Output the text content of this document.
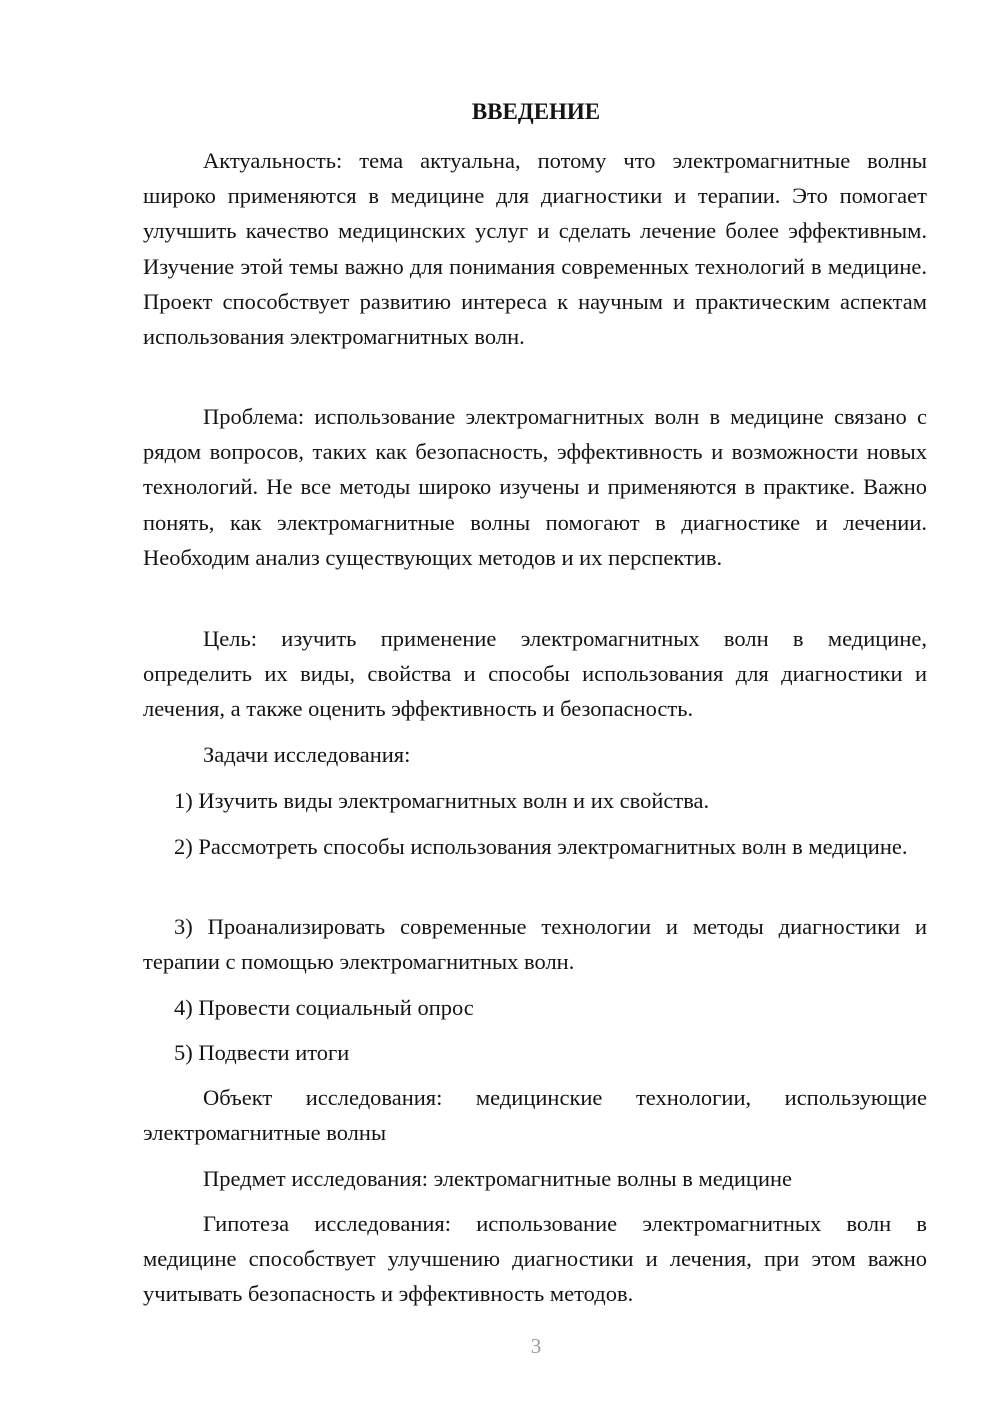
ВВЕДЕНИЕ

Актуальность: тема актуальна, потому что электромагнитные волны широко применяются в медицине для диагностики и терапии. Это помогает улучшить качество медицинских услуг и сделать лечение более эффективным. Изучение этой темы важно для понимания современных технологий в медицине. Проект способствует развитию интереса к научным и практическим аспектам использования электромагнитных волн.

Проблема: использование электромагнитных волн в медицине связано с рядом вопросов, таких как безопасность, эффективность и возможности новых технологий. Не все методы широко изучены и применяются в практике. Важно понять, как электромагнитные волны помогают в диагностике и лечении. Необходим анализ существующих методов и их перспектив.

Цель: изучить применение электромагнитных волн в медицине, определить их виды, свойства и способы использования для диагностики и лечения, а также оценить эффективность и безопасность.

Задачи исследования:

1) Изучить виды электромагнитных волн и их свойства.

2) Рассмотреть способы использования электромагнитных волн в медицине.

3) Проанализировать современные технологии и методы диагностики и терапии с помощью электромагнитных волн.

4) Провести социальный опрос

5) Подвести итоги

Объект исследования: медицинские технологии, использующие электромагнитные волны

Предмет исследования: электромагнитные волны в медицине

Гипотеза исследования: использование электромагнитных волн в медицине способствует улучшению диагностики и лечения, при этом важно учитывать безопасность и эффективность методов.

3
